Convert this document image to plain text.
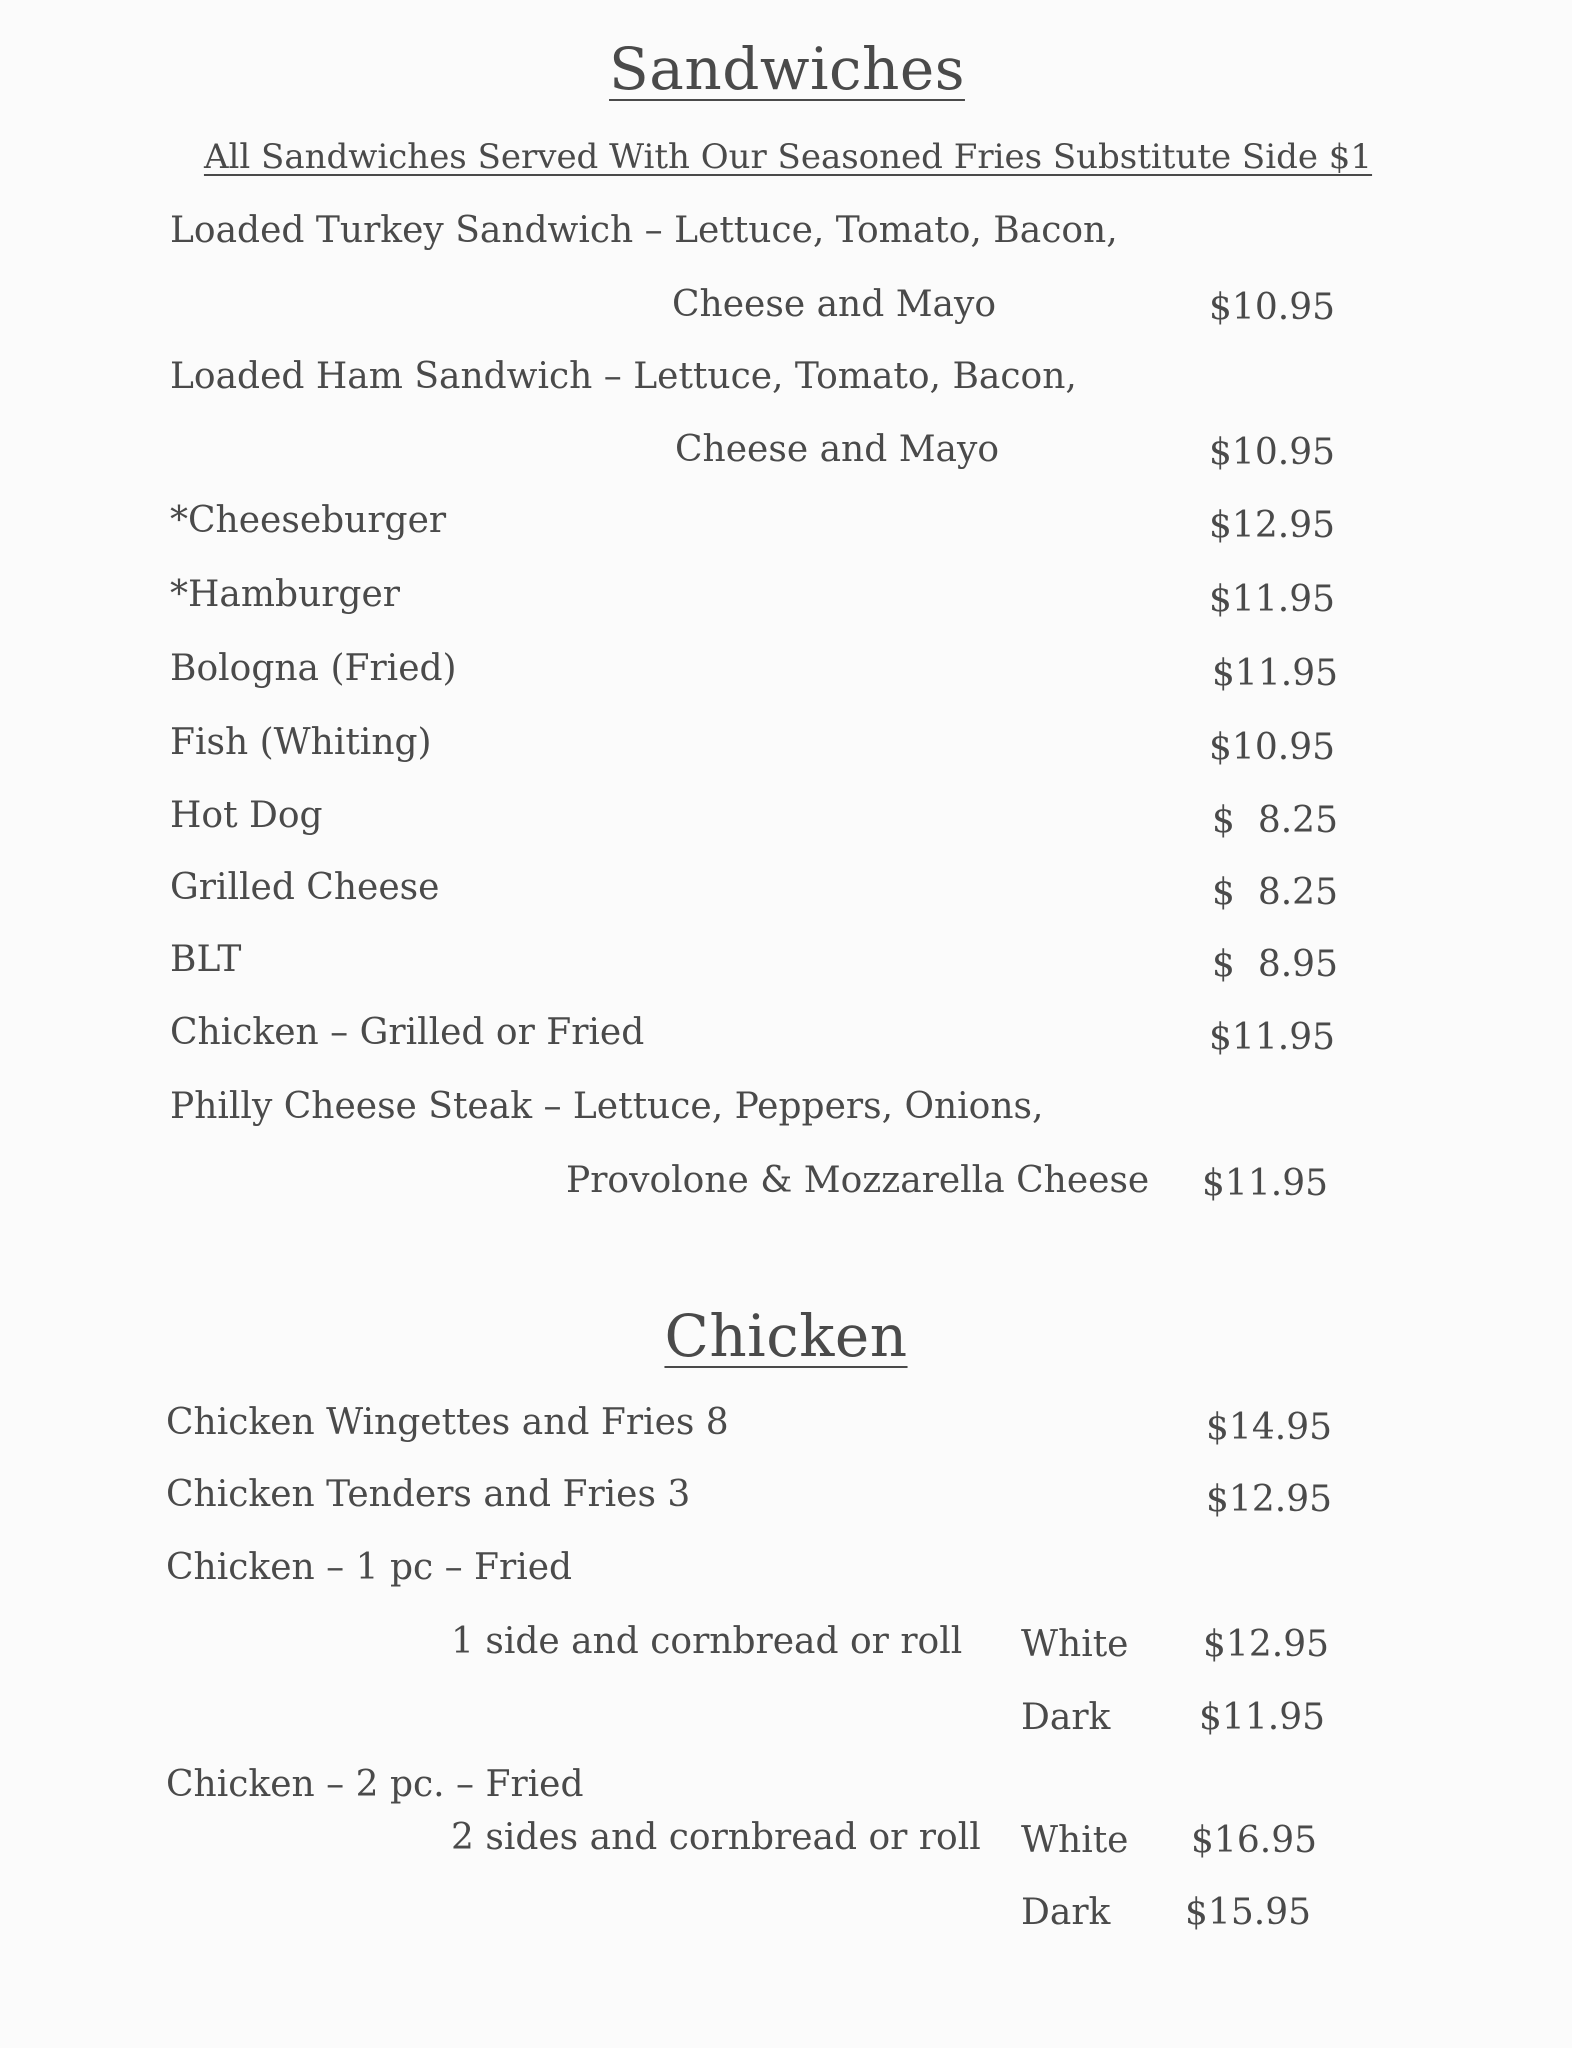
Sandwiches
All Sandwiches Served With Our Seasoned Fries Substitute Side $1
Loaded Turkey Sandwich – Lettuce, Tomato, Bacon,
Cheese and Mayo	$10.95
Loaded Ham Sandwich – Lettuce, Tomato, Bacon,
Cheese and Mayo	$10.95
*Cheeseburger	$12.95
*Hamburger	$11.95
Bologna (Fried)	$11.95
Fish (Whiting)	$10.95
Hot Dog	$  8.25
Grilled Cheese	$  8.25
BLT	$  8.95
Chicken – Grilled or Fried	$11.95
Philly Cheese Steak – Lettuce, Peppers, Onions,
Provolone & Mozzarella Cheese $11.95
Chicken
Chicken Wingettes and Fries 8	$14.95
Chicken Tenders and Fries 3	$12.95
Chicken – 1 pc – Fried
1 side and cornbread or roll White $12.95
Dark $11.95
Chicken – 2 pc. – Fried
2 sides and cornbread or roll White $16.95
Dark $15.95
